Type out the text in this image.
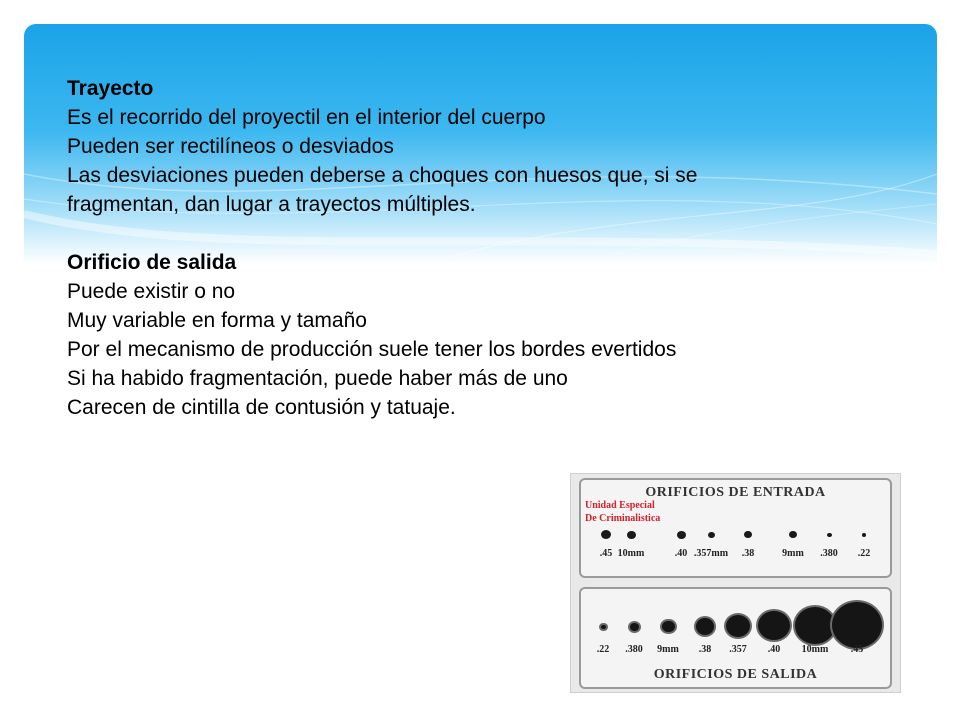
Trayecto

Es el recorrido del proyectil en el interior del cuerpo

Pueden ser rectilíneos o desviados

Las desviaciones pueden deberse a choques con huesos que, si se

fragmentan, dan lugar a trayectos múltiples.

Orificio de salida

Puede existir o no

Muy variable en forma y tamaño

Por el mecanismo de producción suele tener los bordes evertidos

Si ha habido fragmentación, puede haber más de uno

Carecen de cintilla de contusión y tatuaje.

ORIFICIOS DE ENTRADA
Unidad Especial
De Criminalistica
.45 10mm	.40 .357mm	.38	9mm	.380	.22
.22	.380	9mm	.38	.357	.40	10mm	.45
ORIFICIOS DE SALIDA
